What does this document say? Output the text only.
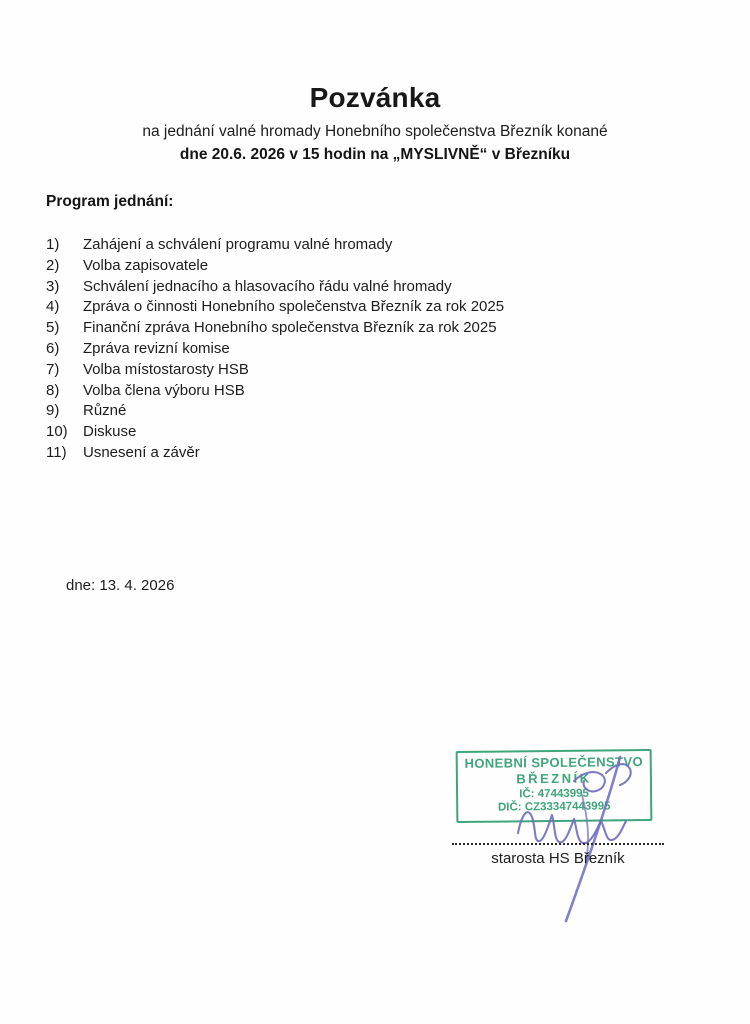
Pozvánka
na jednání valné hromady Honebního společenstva Březník konané
dne 20.6. 2026 v 15 hodin na „MYSLIVNĚ“ v Březníku
Program jednání:
1)	Zahájení a schválení programu valné hromady
2)	Volba zapisovatele
3)	Schválení jednacího a hlasovacího řádu valné hromady
4)	Zpráva o činnosti Honebního společenstva Březník za rok 2025
5)	Finanční zpráva Honebního společenstva Březník za rok 2025
6)	Zpráva revizní komise
7)	Volba místostarosty HSB
8)	Volba člena výboru HSB
9)	Různé
10)	Diskuse
11)	Usnesení a závěr
dne: 13. 4. 2026
HONEBNÍ SPOLEČENSTVO
BŘEZNÍK
IČ: 47443995
DIČ: CZ33347443995
starosta HS Březník
